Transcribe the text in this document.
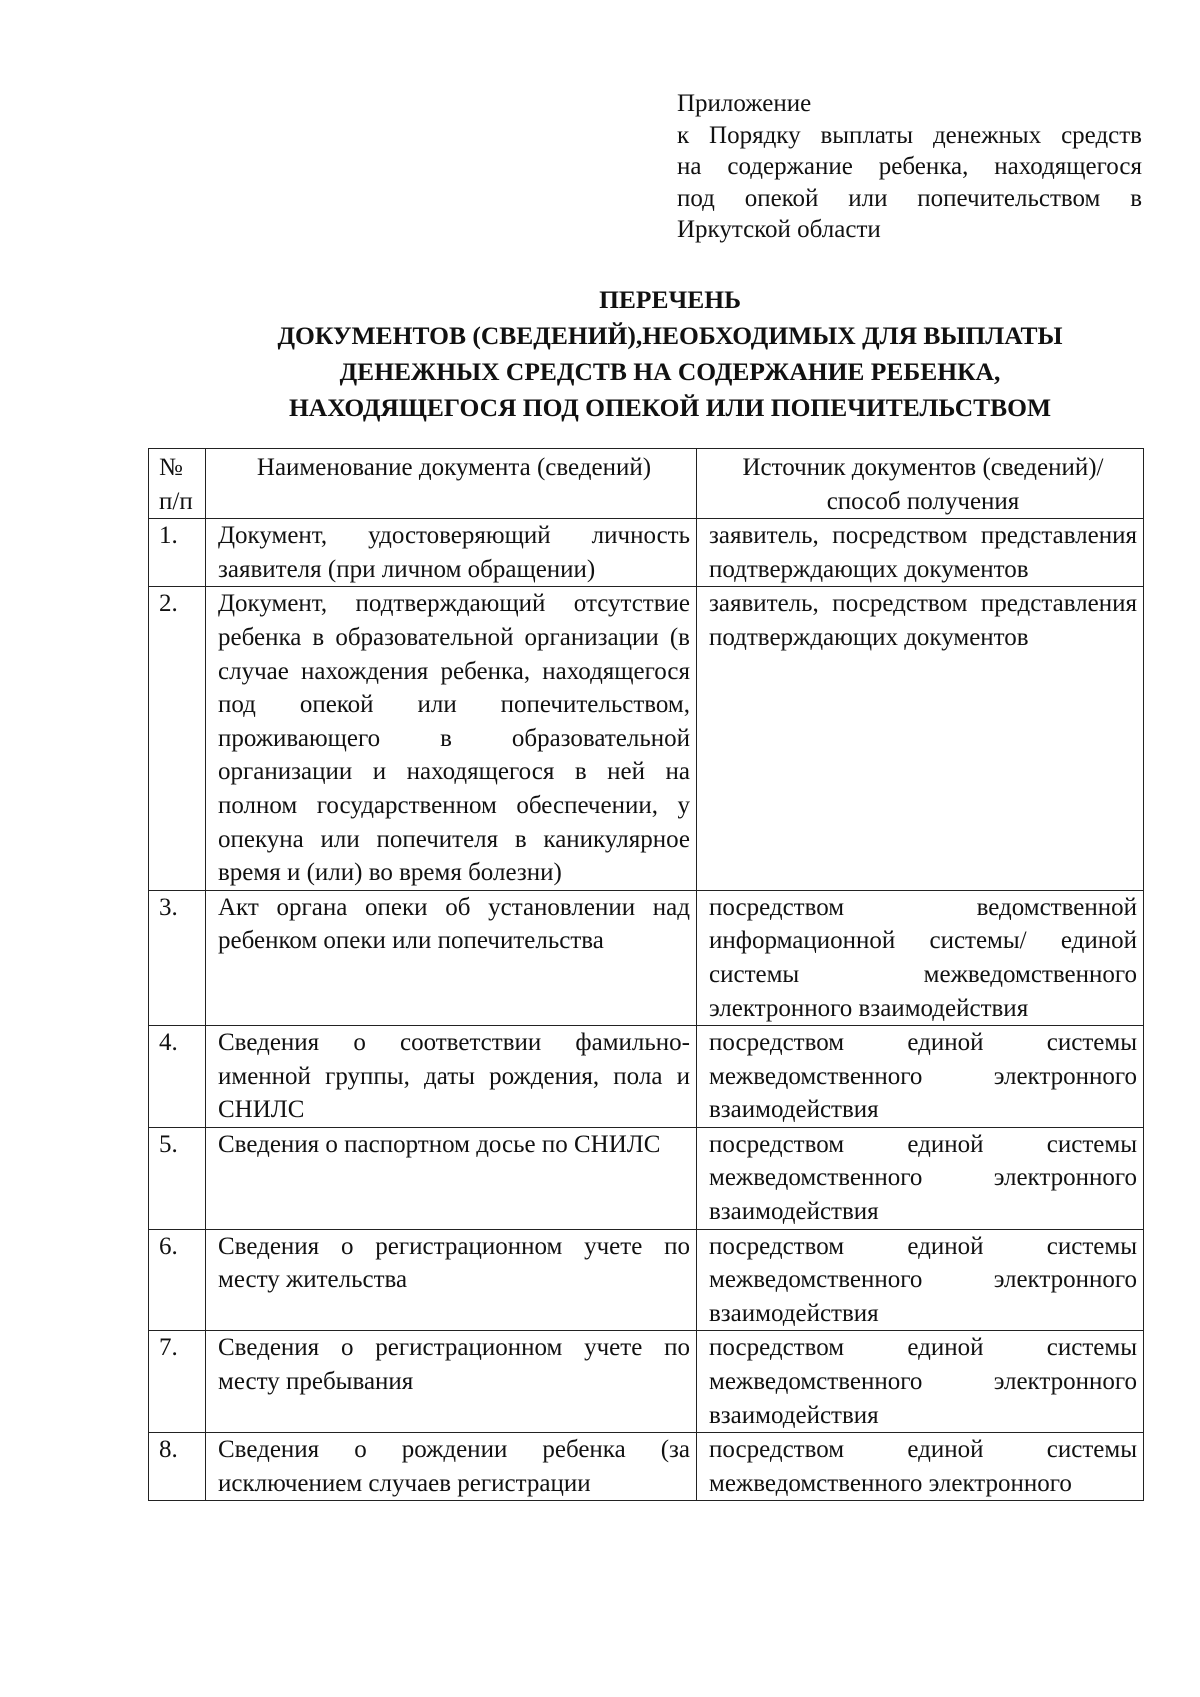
Приложение
к Порядку выплаты денежных средств
на содержание ребенка, находящегося
под опекой или попечительством в
Иркутской области
ПЕРЕЧЕНЬ
ДОКУМЕНТОВ (СВЕДЕНИЙ),НЕОБХОДИМЫХ ДЛЯ ВЫПЛАТЫ
ДЕНЕЖНЫХ СРЕДСТВ НА СОДЕРЖАНИЕ РЕБЕНКА,
НАХОДЯЩЕГОСЯ ПОД ОПЕКОЙ ИЛИ ПОПЕЧИТЕЛЬСТВОМ
№ п/п	Наименование документа (сведений)	Источник документов (сведений)/способ получения
1.	Документ, удостоверяющий личность заявителя (при личном обращении)	заявитель, посредством представления подтверждающих документов
2.	Документ, подтверждающий отсутствие ребенка в образовательной организации (в случае нахождения ребенка, находящегося под опекой или попечительством, проживающего в образовательной организации и находящегося в ней на полном государственном обеспечении, у опекуна или попечителя в каникулярное время и (или) во время болезни)	заявитель, посредством представления подтверждающих документов
3.	Акт органа опеки об установлении над ребенком опеки или попечительства	посредством ведомственной информационной системы/ единой системы межведомственного электронного взаимодействия
4.	Сведения о соответствии фамильно-именной группы, даты рождения, пола и СНИЛС	посредством единой системы межведомственного электронного взаимодействия
5.	Сведения о паспортном досье по СНИЛС	посредством единой системы межведомственного электронного взаимодействия
6.	Сведения о регистрационном учете по месту жительства	посредством единой системы межведомственного электронного взаимодействия
7.	Сведения о регистрационном учете по месту пребывания	посредством единой системы межведомственного электронного взаимодействия
8.	Сведения о рождении ребенка (за исключением случаев регистрации	посредством единой системы межведомственного электронного
